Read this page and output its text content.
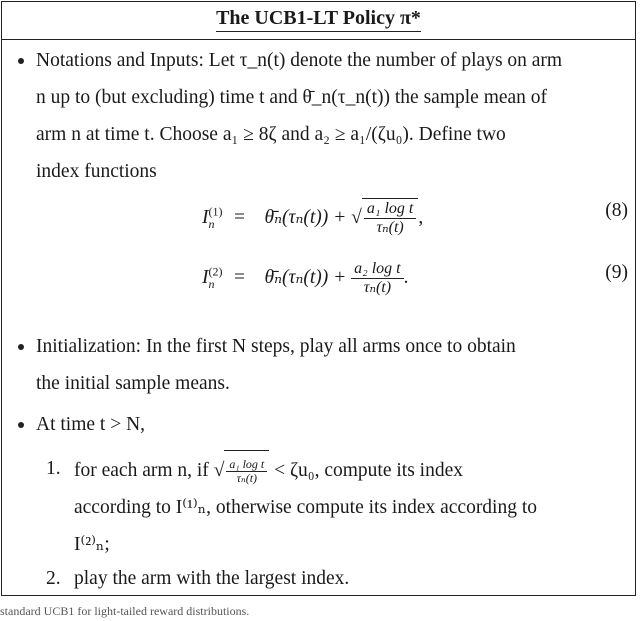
The UCB1-LT Policy π*
Notations and Inputs: Let τ_n(t) denote the number of plays on arm
n up to (but excluding) time t and θ̄_n(τ_n(t)) the sample mean of
arm n at time t. Choose a₁ ≥ 8ζ and a₂ ≥ a₁/(ζu₀). Define two
index functions
$I^{(1)}_n$ = θ̄ₙ(τₙ(t)) + √ $\frac{\text{a₁ log t}}{\text{τₙ(t)}}$ ,	(8)
$I^{(2)}_n$ = θ̄ₙ(τₙ(t)) + $\frac{\text{a₂ log t}}{\text{τₙ(t)}}$ .	(9)
Initialization: In the first N steps, play all arms once to obtain
the initial sample means.
At time t > N,
1. for each arm n, if √ $\frac{\text{a₁ log t}}{\text{τₙ(t)}} < \zeta u_0$, compute its index
according to I⁽¹⁾ₙ, otherwise compute its index according to
I⁽²⁾ₙ;
2. play the arm with the largest index.
standard UCB1 for light-tailed reward distributions.
